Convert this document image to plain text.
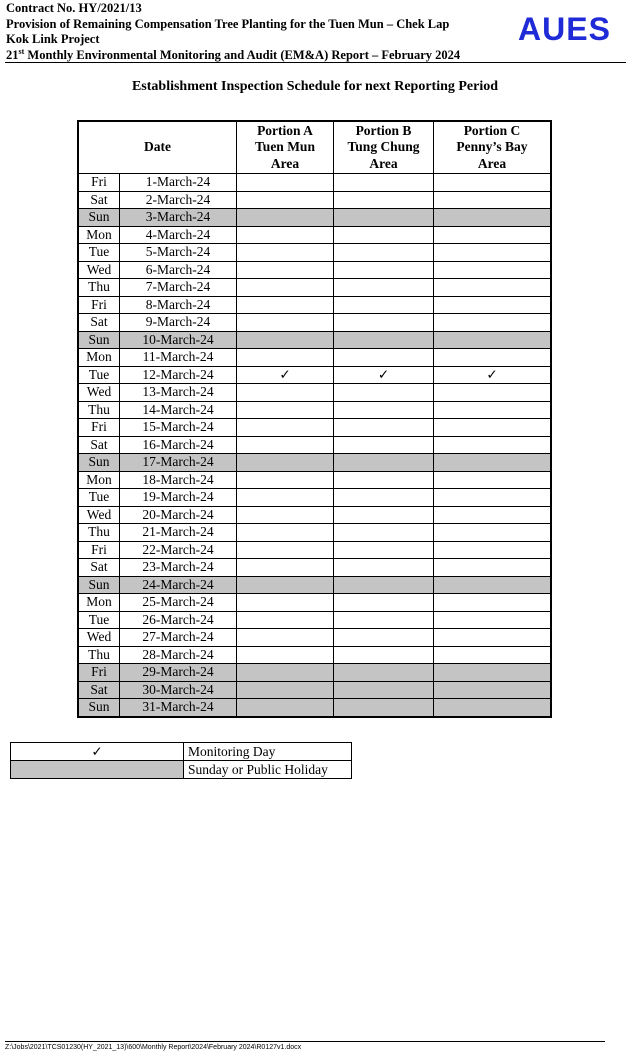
Contract No. HY/2021/13
Provision of Remaining Compensation Tree Planting for the Tuen Mun – Chek Lap
Kok Link Project
21st Monthly Environmental Monitoring and Audit (EM&A) Report – February 2024
AUES
Establishment Inspection Schedule for next Reporting Period
Date		Portion A
Tuen Mun
Area	Portion B
Tung Chung
Area	Portion C
Penny’s Bay
Area
Fri	1-March-24			
Sat	2-March-24			
Sun	3-March-24			
Mon	4-March-24			
Tue	5-March-24			
Wed	6-March-24			
Thu	7-March-24			
Fri	8-March-24			
Sat	9-March-24			
Sun	10-March-24			
Mon	11-March-24			
Tue	12-March-24	✓	✓	✓
Wed	13-March-24			
Thu	14-March-24			
Fri	15-March-24			
Sat	16-March-24			
Sun	17-March-24			
Mon	18-March-24			
Tue	19-March-24			
Wed	20-March-24			
Thu	21-March-24			
Fri	22-March-24			
Sat	23-March-24			
Sun	24-March-24			
Mon	25-March-24			
Tue	26-March-24			
Wed	27-March-24			
Thu	28-March-24			
Fri	29-March-24			
Sat	30-March-24			
Sun	31-March-24			
✓	Monitoring Day
	Sunday or Public Holiday
Z:\Jobs\2021\TCS01230(HY_2021_13)\600\Monthly Report\2024\February 2024\R0127v1.docx
